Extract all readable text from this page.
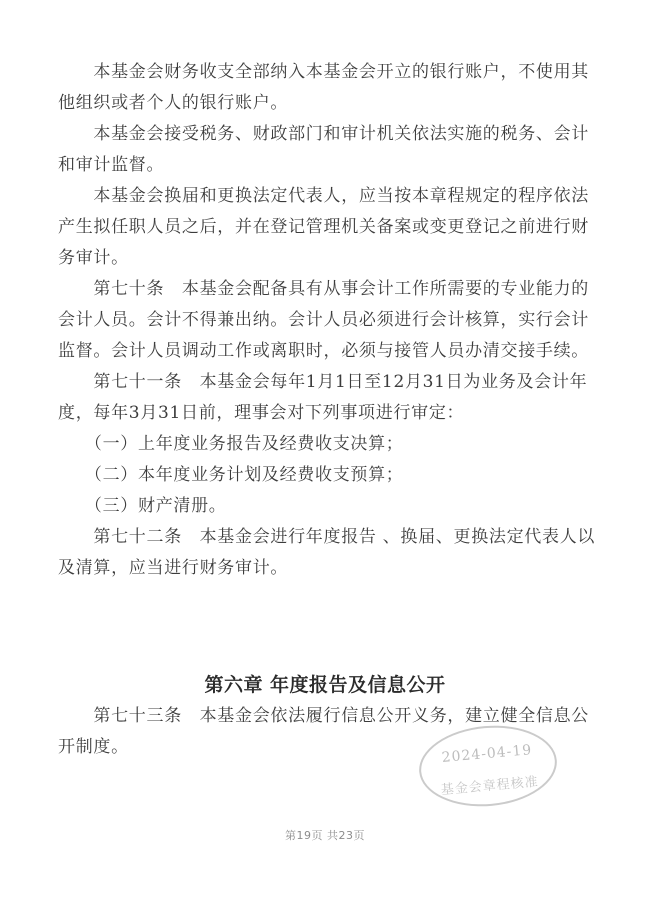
　　本基金会财务收支全部纳入本基金会开立的银行账户，不使用其
他组织或者个人的银行账户。
　　本基金会接受税务、财政部门和审计机关依法实施的税务、会计
和审计监督。
　　本基金会换届和更换法定代表人，应当按本章程规定的程序依法
产生拟任职人员之后，并在登记管理机关备案或变更登记之前进行财
务审计。
　　第七十条　本基金会配备具有从事会计工作所需要的专业能力的
会计人员。会计不得兼出纳。会计人员必须进行会计核算，实行会计
监督。会计人员调动工作或离职时，必须与接管人员办清交接手续。
　　第七十一条　本基金会每年1月1日至12月31日为业务及会计年
度，每年3月31日前，理事会对下列事项进行审定：
　　（一）上年度业务报告及经费收支决算；
　　（二）本年度业务计划及经费收支预算；
　　（三）财产清册。
　　第七十二条　本基金会进行年度报告 、换届、更换法定代表人以
及清算，应当进行财务审计。
第六章 年度报告及信息公开
　　第七十三条　本基金会依法履行信息公开义务，建立健全信息公
开制度。	2024-04-19
基金会章程核准
第19页 共23页
